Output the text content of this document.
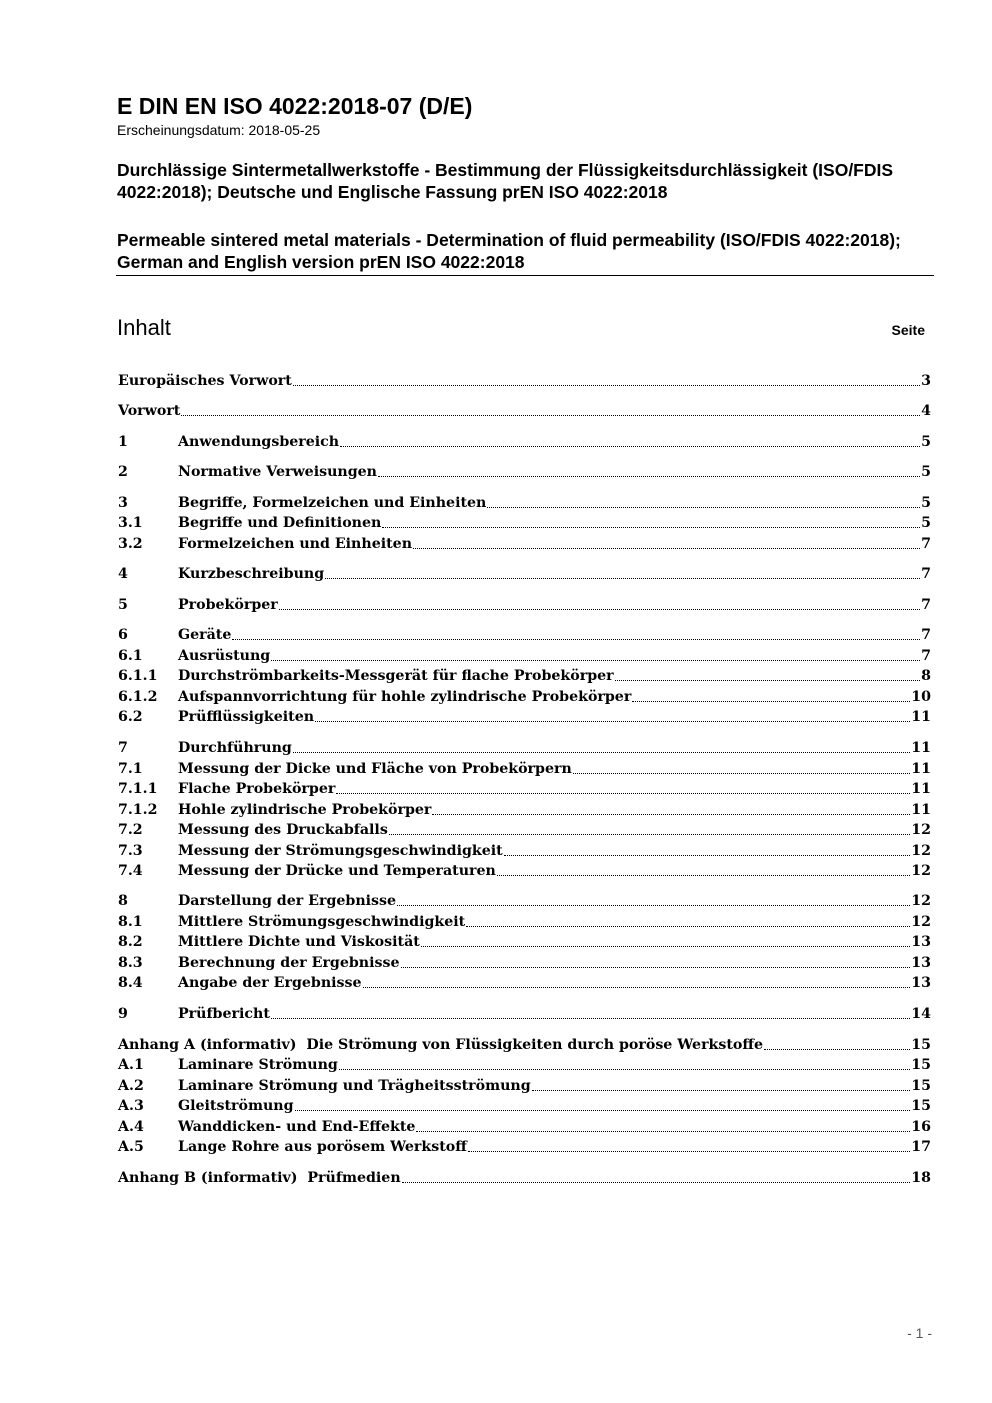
E DIN EN ISO 4022:2018-07 (D/E)
Erscheinungsdatum: 2018-05-25
Durchlässige Sintermetallwerkstoffe - Bestimmung der Flüssigkeitsdurchlässigkeit (ISO/FDIS 4022:2018); Deutsche und Englische Fassung prEN ISO 4022:2018
Permeable sintered metal materials - Determination of fluid permeability (ISO/FDIS 4022:2018); German and English version prEN ISO 4022:2018
Inhalt	Seite
Europäisches Vorwort	3
Vorwort	4
1	Anwendungsbereich	5
2	Normative Verweisungen	5
3	Begriffe, Formelzeichen und Einheiten	5
3.1	Begriffe und Definitionen	5
3.2	Formelzeichen und Einheiten	7
4	Kurzbeschreibung	7
5	Probekörper	7
6	Geräte	7
6.1	Ausrüstung	7
6.1.1	Durchströmbarkeits-Messgerät für flache Probekörper	8
6.1.2	Aufspannvorrichtung für hohle zylindrische Probekörper	10
6.2	Prüfflüssigkeiten	11
7	Durchführung	11
7.1	Messung der Dicke und Fläche von Probekörpern	11
7.1.1	Flache Probekörper	11
7.1.2	Hohle zylindrische Probekörper	11
7.2	Messung des Druckabfalls	12
7.3	Messung der Strömungsgeschwindigkeit	12
7.4	Messung der Drücke und Temperaturen	12
8	Darstellung der Ergebnisse	12
8.1	Mittlere Strömungsgeschwindigkeit	12
8.2	Mittlere Dichte und Viskosität	13
8.3	Berechnung der Ergebnisse	13
8.4	Angabe der Ergebnisse	13
9	Prüfbericht	14
Anhang A (informativ)  Die Strömung von Flüssigkeiten durch poröse Werkstoffe	15
A.1	Laminare Strömung	15
A.2	Laminare Strömung und Trägheitsströmung	15
A.3	Gleitströmung	15
A.4	Wanddicken- und End-Effekte	16
A.5	Lange Rohre aus porösem Werkstoff	17
Anhang B (informativ)  Prüfmedien	18
- 1 -
